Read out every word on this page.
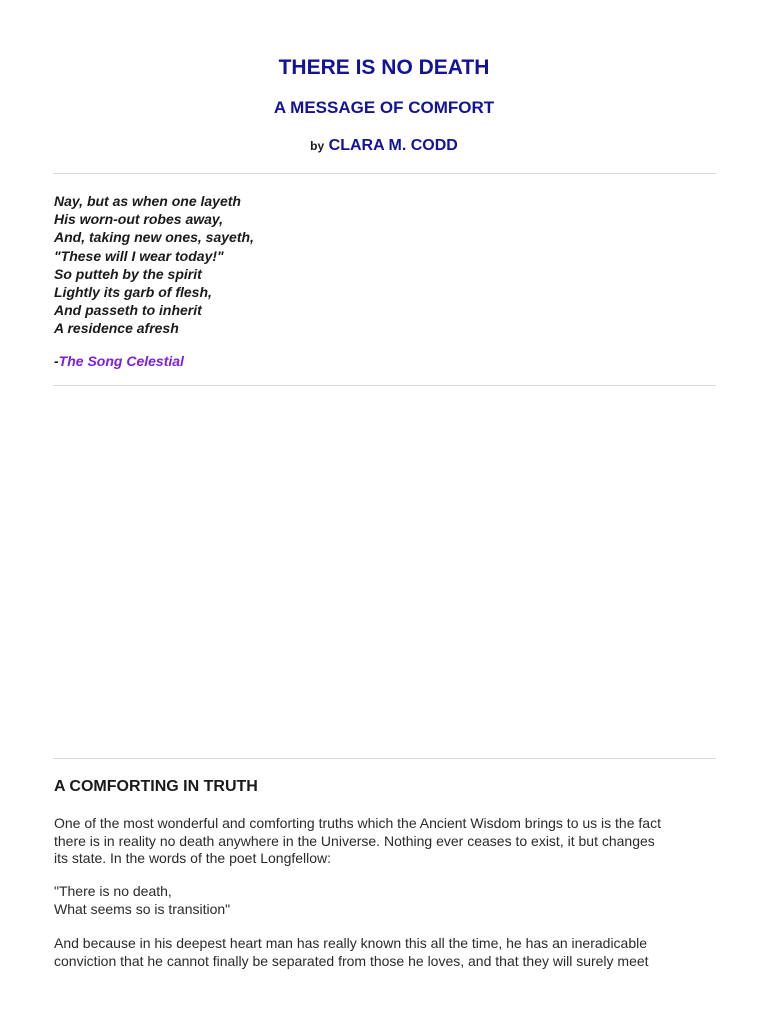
THERE IS NO DEATH
A MESSAGE OF COMFORT
by CLARA M. CODD
Nay, but as when one layeth
His worn-out robes away,
And, taking new ones, sayeth,
"These will I wear today!"
So putteh by the spirit
Lightly its garb of flesh,
And passeth to inherit
A residence afresh
-The Song Celestial
A COMFORTING IN TRUTH
One of the most wonderful and comforting truths which the Ancient Wisdom brings to us is the fact
there is in reality no death anywhere in the Universe. Nothing ever ceases to exist, it but changes
its state. In the words of the poet Longfellow:
"There is no death,
What seems so is transition"
And because in his deepest heart man has really known this all the time, he has an ineradicable
conviction that he cannot finally be separated from those he loves, and that they will surely meet
